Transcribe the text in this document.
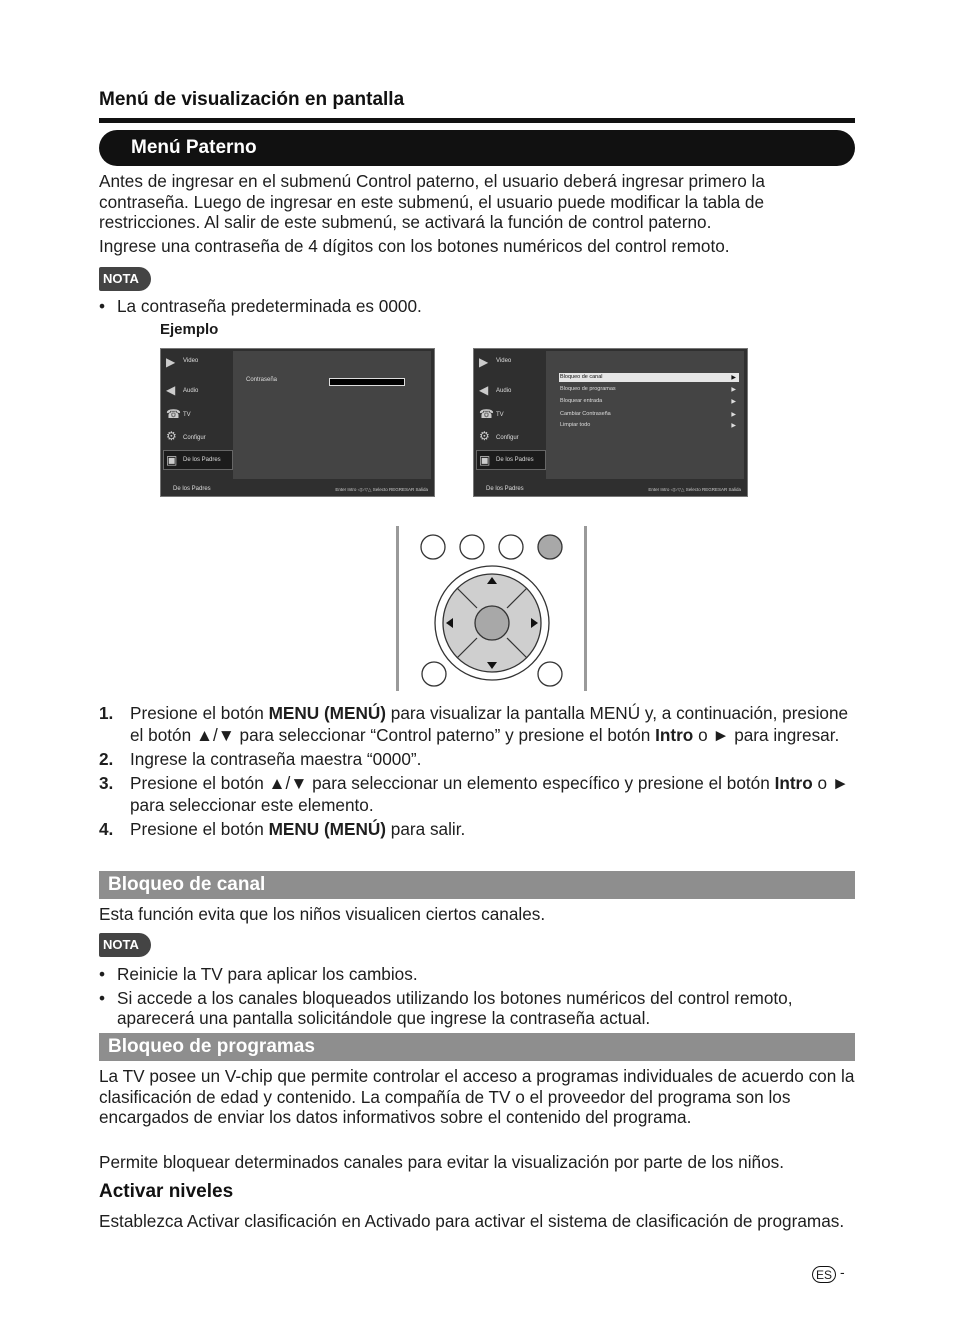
Menú de visualización en pantalla
Menú Paterno
Antes de ingresar en el submenú Control paterno, el usuario deberá ingresar primero la contraseña. Luego de ingresar en este submenú, el usuario puede modificar la tabla de restricciones. Al salir de este submenú, se activará la función de control paterno.
Ingrese una contraseña de 4 dígitos con los botones numéricos del control remoto.
NOTA
• La contraseña predeterminada es 0000.
Ejemplo
Contraseña
▶	Video
◀	Audio
☎ TV
⚙	Configur
▣ De los Padres
De los Padres	Enter Intro ◁▷▽△ Selecto REGRESAR Salida
Bloqueo de canal	▶
Bloqueo de programas	▶
Bloquear entrada	▶
Cambiar Contraseña	▶
Limpiar todo	▶
▶	Video
◀	Audio
☎ TV
⚙	Configur
▣ De los Padres
De los Padres	Enter Intro ◁▷▽△ Selecto REGRESAR Salida
1. Presione el botón MENU (MENÚ) para visualizar la pantalla MENÚ y, a continuación, presione el botón ▲/▼ para seleccionar “Control paterno” y presione el botón Intro o ► para ingresar.
2. Ingrese la contraseña maestra “0000”.
3. Presione el botón ▲/▼ para seleccionar un elemento específico y presione el botón Intro o ► para seleccionar este elemento.
4. Presione el botón MENU (MENÚ) para salir.
Bloqueo de canal
Esta función evita que los niños visualicen ciertos canales.
NOTA
• Reinicie la TV para aplicar los cambios.
• Si accede a los canales bloqueados utilizando los botones numéricos del control remoto, aparecerá una pantalla solicitándole que ingrese la contraseña actual.
Bloqueo de programas
La TV posee un V-chip que permite controlar el acceso a programas individuales de acuerdo con la clasificación de edad y contenido. La compañía de TV o el proveedor del programa son los encargados de enviar los datos informativos sobre el contenido del programa.
Permite bloquear determinados canales para evitar la visualización por parte de los niños.
Activar niveles
Establezca Activar clasificación en Activado para activar el sistema de clasificación de programas.
ES -
